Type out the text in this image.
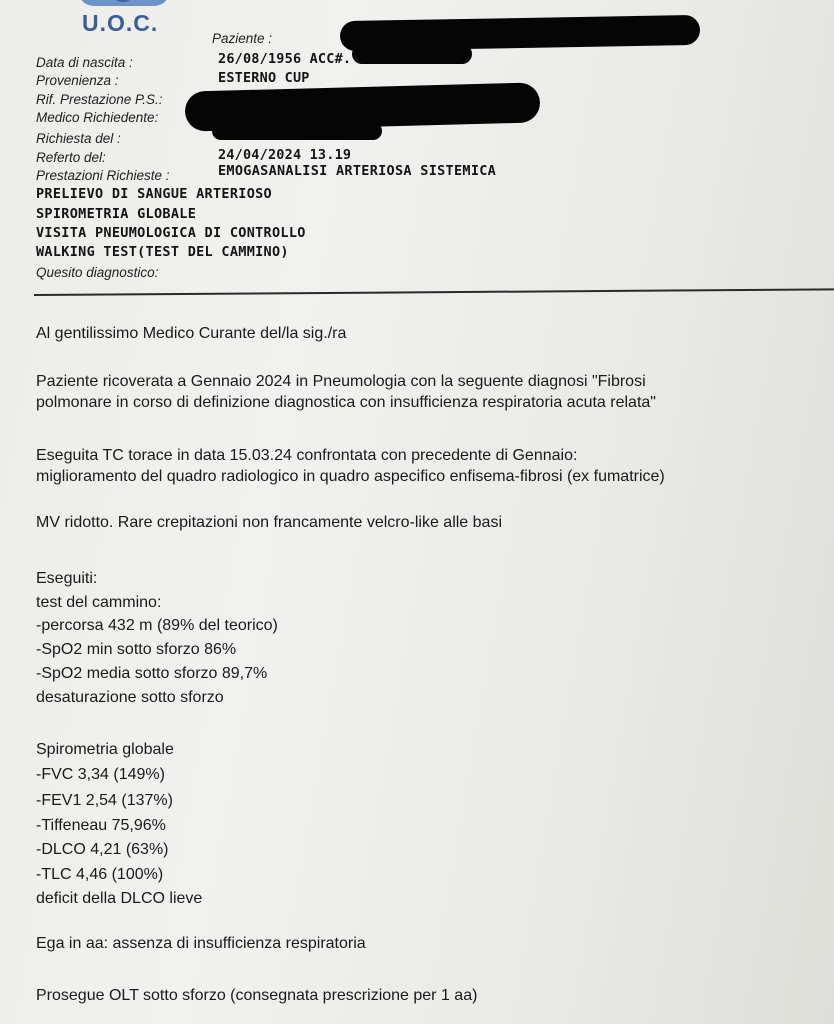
U.O.C.
Paziente :
Data di nascita :	26/08/1956 ACC#.
Provenienza :	ESTERNO CUP
Rif. Prestazione P.S.:
Medico Richiedente:
Richiesta del :
Referto del:	24/04/2024 13.19
Prestazioni Richieste :	EMOGASANALISI ARTERIOSA SISTEMICA
PRELIEVO DI SANGUE ARTERIOSO
SPIROMETRIA GLOBALE
VISITA PNEUMOLOGICA DI CONTROLLO
WALKING TEST(TEST DEL CAMMINO)
Quesito diagnostico:
Al gentilissimo Medico Curante del/la sig./ra
Paziente ricoverata a Gennaio 2024 in Pneumologia con la seguente diagnosi "Fibrosi
polmonare in corso di definizione diagnostica con insufficienza respiratoria acuta relata"
Eseguita TC torace in data 15.03.24 confrontata con precedente di Gennaio:
miglioramento del quadro radiologico in quadro aspecifico enfisema-fibrosi (ex fumatrice)
MV ridotto. Rare crepitazioni non francamente velcro-like alle basi
Eseguiti:
test del cammino:
-percorsa 432 m (89% del teorico)
-SpO2 min sotto sforzo 86%
-SpO2 media sotto sforzo 89,7%
desaturazione sotto sforzo
Spirometria globale
-FVC 3,34 (149%)
-FEV1 2,54 (137%)
-Tiffeneau 75,96%
-DLCO 4,21 (63%)
-TLC 4,46 (100%)
deficit della DLCO lieve
Ega in aa: assenza di insufficienza respiratoria
Prosegue OLT sotto sforzo (consegnata prescrizione per 1 aa)
